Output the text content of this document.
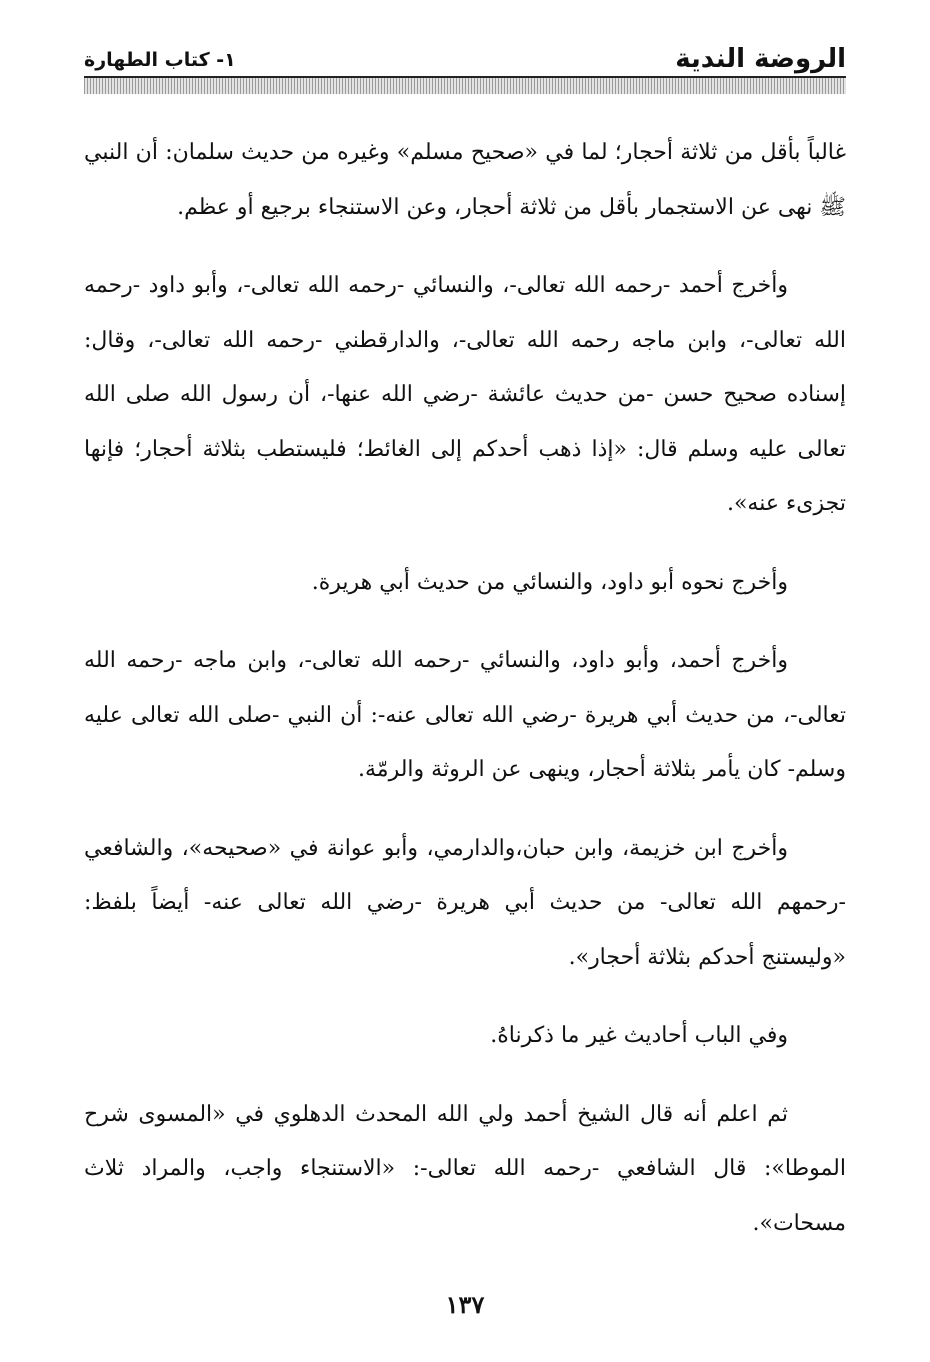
الروضة الندية
١- كتاب الطهارة

غالباً بأقل من ثلاثة أحجار؛ لما في «صحيح مسلم» وغيره من حديث سلمان: أن النبي ﷺ نهى عن الاستجمار بأقل من ثلاثة أحجار، وعن الاستنجاء برجيع أو عظم.

وأخرج أحمد -رحمه الله تعالى-، والنسائي -رحمه الله تعالى-، وأبو داود -رحمه الله تعالى-، وابن ماجه رحمه الله تعالى-، والدارقطني -رحمه الله تعالى-، وقال: إسناده صحيح حسن -من حديث عائشة -رضي الله عنها-، أن رسول الله صلى الله تعالى عليه وسلم قال: «إذا ذهب أحدكم إلى الغائط؛ فليستطب بثلاثة أحجار؛ فإنها تجزىء عنه».

وأخرج نحوه أبو داود، والنسائي من حديث أبي هريرة.

وأخرج أحمد، وأبو داود، والنسائي -رحمه الله تعالى-، وابن ماجه -رحمه الله تعالى-، من حديث أبي هريرة -رضي الله تعالى عنه-: أن النبي -صلى الله تعالى عليه وسلم- كان يأمر بثلاثة أحجار، وينهى عن الروثة والرمّة.

وأخرج ابن خزيمة، وابن حبان،والدارمي، وأبو عوانة في «صحيحه»، والشافعي -رحمهم الله تعالى- من حديث أبي هريرة -رضي الله تعالى عنه- أيضاً بلفظ: «وليستنج أحدكم بثلاثة أحجار».

وفي الباب أحاديث غير ما ذكرناهُ.

ثم اعلم أنه قال الشيخ أحمد ولي الله المحدث الدهلوي في «المسوى شرح الموطا»: قال الشافعي -رحمه الله تعالى-: «الاستنجاء واجب، والمراد ثلاث مسحات».

١٣٧
